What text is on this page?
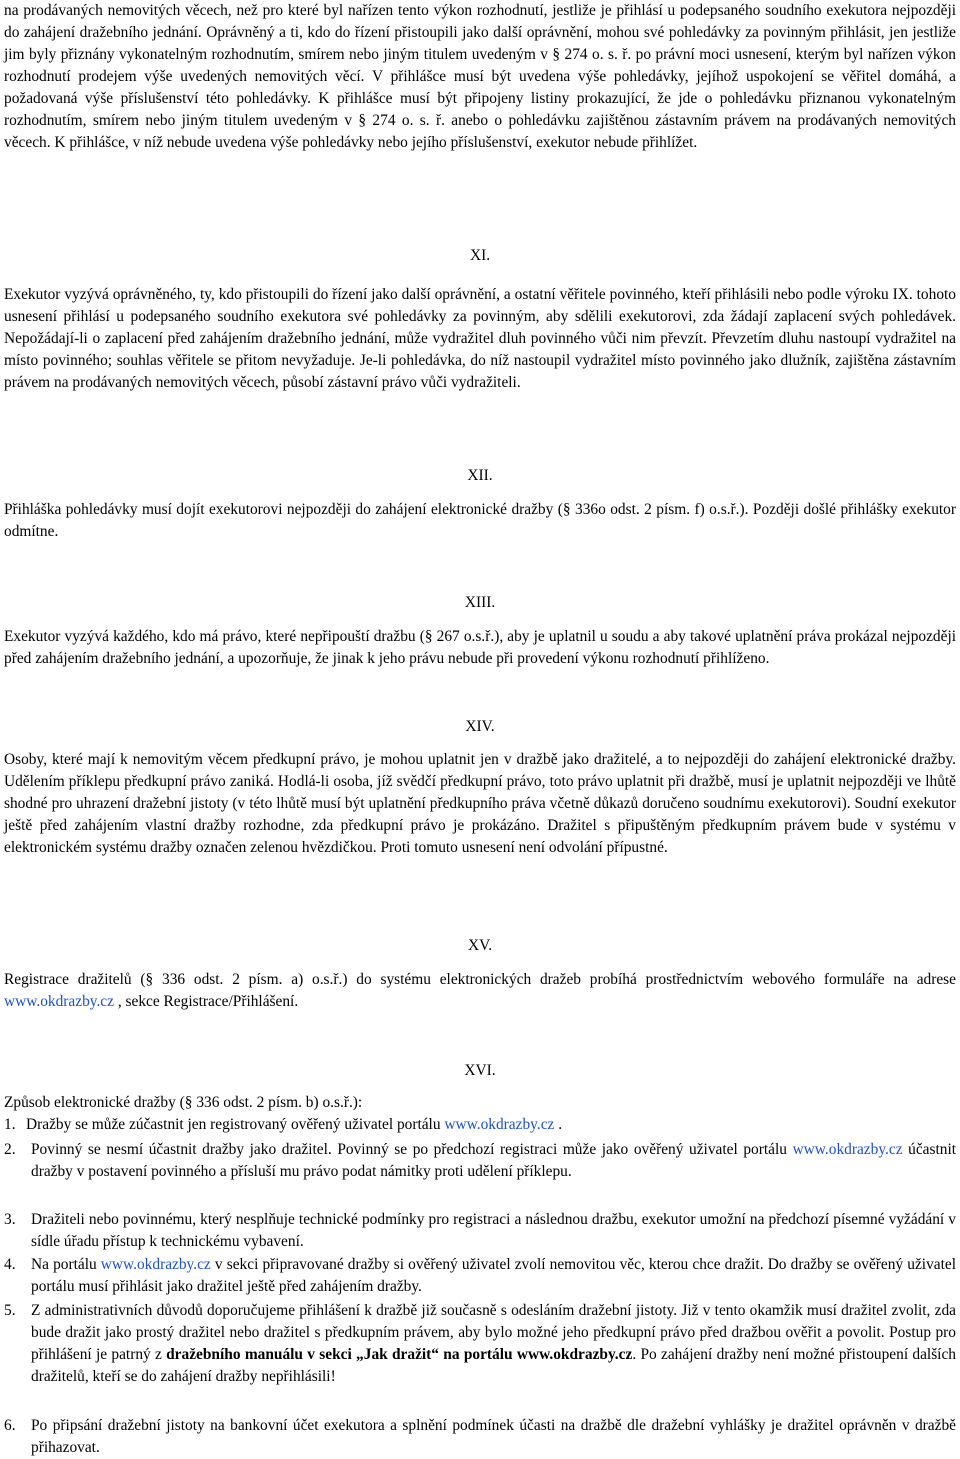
na prodávaných nemovitých věcech, než pro které byl nařízen tento výkon rozhodnutí, jestliže je přihlásí u podepsaného soudního exekutora nejpozději do zahájení dražebního jednání. Oprávněný a ti, kdo do řízení přistoupili jako další oprávnění, mohou své pohledávky za povinným přihlásit, jen jestliže jim byly přiznány vykonatelným rozhodnutím, smírem nebo jiným titulem uvedeným v § 274 o. s. ř. po právní moci usnesení, kterým byl nařízen výkon rozhodnutí prodejem výše uvedených nemovitých věcí. V přihlášce musí být uvedena výše pohledávky, jejíhož uspokojení se věřitel domáhá, a požadovaná výše příslušenství této pohledávky. K přihlášce musí být připojeny listiny prokazující, že jde o pohledávku přiznanou vykonatelným rozhodnutím, smírem nebo jiným titulem uvedeným v § 274 o. s. ř. anebo o pohledávku zajištěnou zástavním právem na prodávaných nemovitých věcech. K přihlášce, v níž nebude uvedena výše pohledávky nebo jejího příslušenství, exekutor nebude přihlížet.

XI.

Exekutor vyzývá oprávněného, ty, kdo přistoupili do řízení jako další oprávnění, a ostatní věřitele povinného, kteří přihlásili nebo podle výroku IX. tohoto usnesení přihlásí u podepsaného soudního exekutora své pohledávky za povinným, aby sdělili exekutorovi, zda žádají zaplacení svých pohledávek. Nepožádají-li o zaplacení před zahájením dražebního jednání, může vydražitel dluh povinného vůči nim převzít. Převzetím dluhu nastoupí vydražitel na místo povinného; souhlas věřitele se přitom nevyžaduje. Je-li pohledávka, do níž nastoupil vydražitel místo povinného jako dlužník, zajištěna zástavním právem na prodávaných nemovitých věcech, působí zástavní právo vůči vydražiteli.

XII.

Přihláška pohledávky musí dojít exekutorovi nejpozději do zahájení elektronické dražby (§ 336o odst. 2 písm. f) o.s.ř.). Později došlé přihlášky exekutor odmítne.

XIII.

Exekutor vyzývá každého, kdo má právo, které nepřipouští dražbu (§ 267 o.s.ř.), aby je uplatnil u soudu a aby takové uplatnění práva prokázal nejpozději před zahájením dražebního jednání, a upozorňuje, že jinak k jeho právu nebude při provedení výkonu rozhodnutí přihlíženo.

XIV.

Osoby, které mají k nemovitým věcem předkupní právo, je mohou uplatnit jen v dražbě jako dražitelé, a to nejpozději do zahájení elektronické dražby. Udělením příklepu předkupní právo zaniká. Hodlá-li osoba, jíž svědčí předkupní právo, toto právo uplatnit při dražbě, musí je uplatnit nejpozději ve lhůtě shodné pro uhrazení dražební jistoty (v této lhůtě musí být uplatnění předkupního práva včetně důkazů doručeno soudnímu exekutorovi). Soudní exekutor ještě před zahájením vlastní dražby rozhodne, zda předkupní právo je prokázáno. Dražitel s připuštěným předkupním právem bude v systému v elektronickém systému dražby označen zelenou hvězdičkou. Proti tomuto usnesení není odvolání přípustné.

XV.

Registrace dražitelů (§ 336 odst. 2 písm. a) o.s.ř.) do systému elektronických dražeb probíhá prostřednictvím webového formuláře na adrese www.okdrazby.cz , sekce Registrace/Přihlášení.

XVI.

Způsob elektronické dražby (§ 336 odst. 2 písm. b) o.s.ř.):

1. Dražby se může zúčastnit jen registrovaný ověřený uživatel portálu www.okdrazby.cz .
2. Povinný se nesmí účastnit dražby jako dražitel. Povinný se po předchozí registraci může jako ověřený uživatel portálu www.okdrazby.cz účastnit dražby v postavení povinného a přísluší mu právo podat námitky proti udělení příklepu.
3. Dražiteli nebo povinnému, který nesplňuje technické podmínky pro registraci a následnou dražbu, exekutor umožní na předchozí písemné vyžádání v sídle úřadu přístup k technickému vybavení.
4. Na portálu www.okdrazby.cz v sekci připravované dražby si ověřený uživatel zvolí nemovitou věc, kterou chce dražit. Do dražby se ověřený uživatel portálu musí přihlásit jako dražitel ještě před zahájením dražby.
5. Z administrativních důvodů doporučujeme přihlášení k dražbě již současně s odesláním dražební jistoty. Již v tento okamžik musí dražitel zvolit, zda bude dražit jako prostý dražitel nebo dražitel s předkupním právem, aby bylo možné jeho předkupní právo před dražbou ověřit a povolit. Postup pro přihlášení je patrný z dražebního manuálu v sekci „Jak dražit“ na portálu www.okdrazby.cz. Po zahájení dražby není možné přistoupení dalších dražitelů, kteří se do zahájení dražby nepřihlásili!
6. Po připsání dražební jistoty na bankovní účet exekutora a splnění podmínek účasti na dražbě dle dražební vyhlášky je dražitel oprávněn v dražbě přihazovat.
